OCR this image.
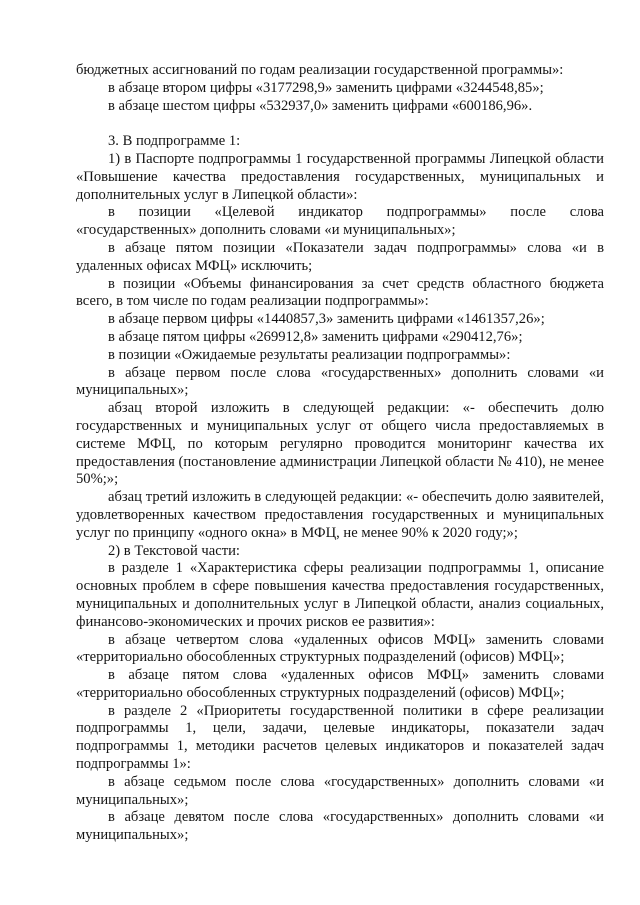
бюджетных ассигнований по годам реализации государственной программы»:

в абзаце втором цифры «3177298,9» заменить цифрами «3244548,85»;

в абзаце шестом цифры «532937,0» заменить цифрами «600186,96».

3. В подпрограмме 1:

1) в Паспорте подпрограммы 1 государственной программы Липецкой области «Повышение качества предоставления государственных, муниципальных и дополнительных услуг в Липецкой области»:

в позиции «Целевой индикатор подпрограммы» после слова «государственных» дополнить словами «и муниципальных»;

в абзаце пятом позиции «Показатели задач подпрограммы» слова «и в удаленных офисах МФЦ» исключить;

в позиции «Объемы финансирования за счет средств областного бюджета всего, в том числе по годам реализации подпрограммы»:

в абзаце первом цифры «1440857,3» заменить цифрами «1461357,26»;

в абзаце пятом цифры «269912,8» заменить цифрами «290412,76»;

в позиции «Ожидаемые результаты реализации подпрограммы»:

в абзаце первом после слова «государственных» дополнить словами «и муниципальных»;

абзац второй изложить в следующей редакции: «- обеспечить долю государственных и муниципальных услуг от общего числа предоставляемых в системе МФЦ, по которым регулярно проводится мониторинг качества их предоставления (постановление администрации Липецкой области № 410), не менее 50%;»;

абзац третий изложить в следующей редакции: «- обеспечить долю заявителей, удовлетворенных качеством предоставления государственных и муниципальных услуг по принципу «одного окна» в МФЦ, не менее 90% к 2020 году;»;

2) в Текстовой части:

в разделе 1 «Характеристика сферы реализации подпрограммы 1, описание основных проблем в сфере повышения качества предоставления государственных, муниципальных и дополнительных услуг в Липецкой области, анализ социальных, финансово-экономических и прочих рисков ее развития»:

в абзаце четвертом слова «удаленных офисов МФЦ» заменить словами «территориально обособленных структурных подразделений (офисов) МФЦ»;

в абзаце пятом слова «удаленных офисов МФЦ» заменить словами «территориально обособленных структурных подразделений (офисов) МФЦ»;

в разделе 2 «Приоритеты государственной политики в сфере реализации подпрограммы 1, цели, задачи, целевые индикаторы, показатели задач подпрограммы 1, методики расчетов целевых индикаторов и показателей задач подпрограммы 1»:

в абзаце седьмом после слова «государственных» дополнить словами «и муниципальных»;

в абзаце девятом после слова «государственных» дополнить словами «и муниципальных»;
